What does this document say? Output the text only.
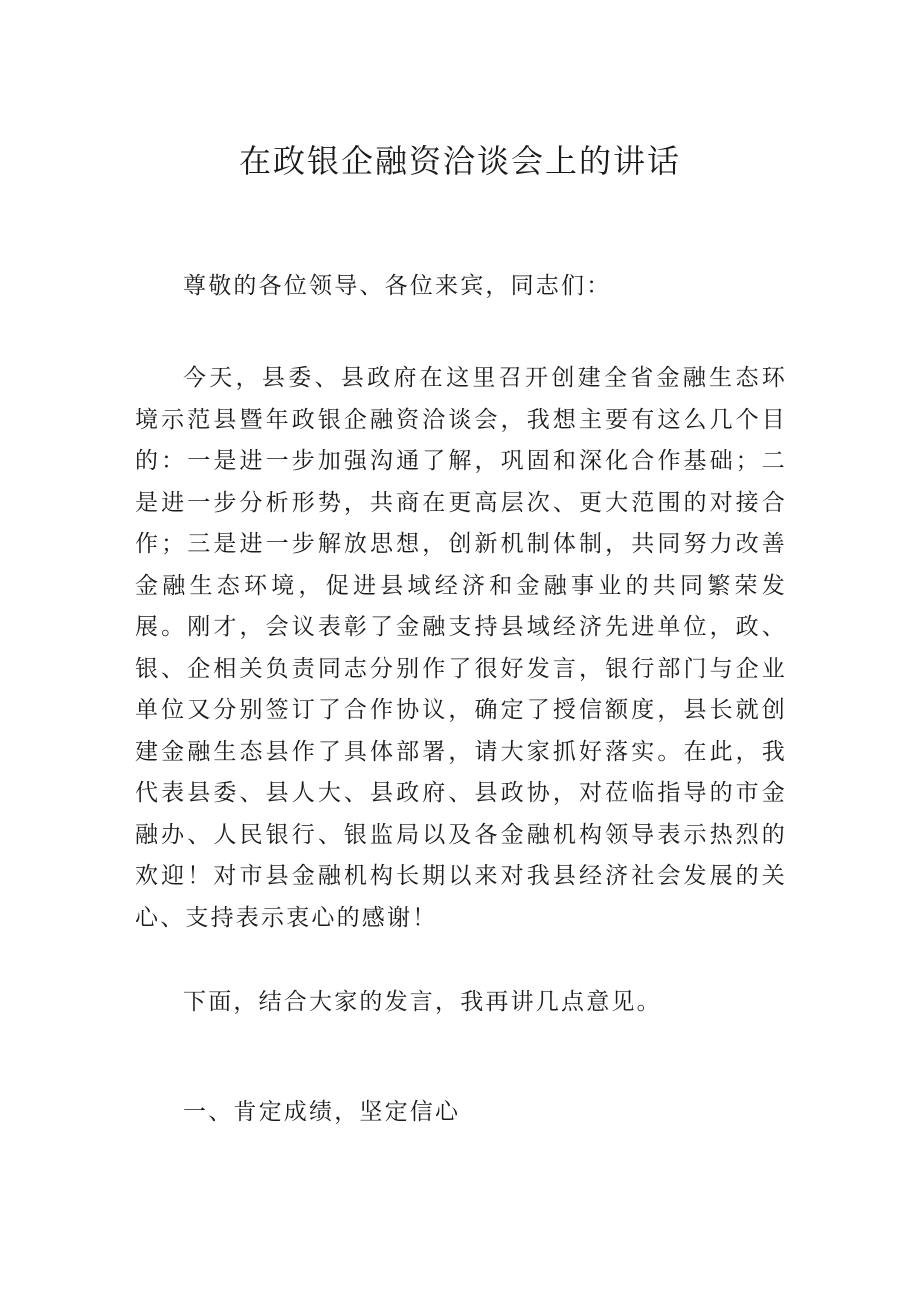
在政银企融资洽谈会上的讲话

尊敬的各位领导、各位来宾，同志们：

今天，县委、县政府在这里召开创建全省金融生态环境示范县暨年政银企融资洽谈会，我想主要有这么几个目的：一是进一步加强沟通了解，巩固和深化合作基础；二是进一步分析形势，共商在更高层次、更大范围的对接合作；三是进一步解放思想，创新机制体制，共同努力改善金融生态环境，促进县域经济和金融事业的共同繁荣发展。刚才，会议表彰了金融支持县域经济先进单位，政、银、企相关负责同志分别作了很好发言，银行部门与企业单位又分别签订了合作协议，确定了授信额度，县长就创建金融生态县作了具体部署，请大家抓好落实。在此，我代表县委、县人大、县政府、县政协，对莅临指导的市金融办、人民银行、银监局以及各金融机构领导表示热烈的欢迎！对市县金融机构长期以来对我县经济社会发展的关心、支持表示衷心的感谢！

下面，结合大家的发言，我再讲几点意见。

一、肯定成绩，坚定信心
